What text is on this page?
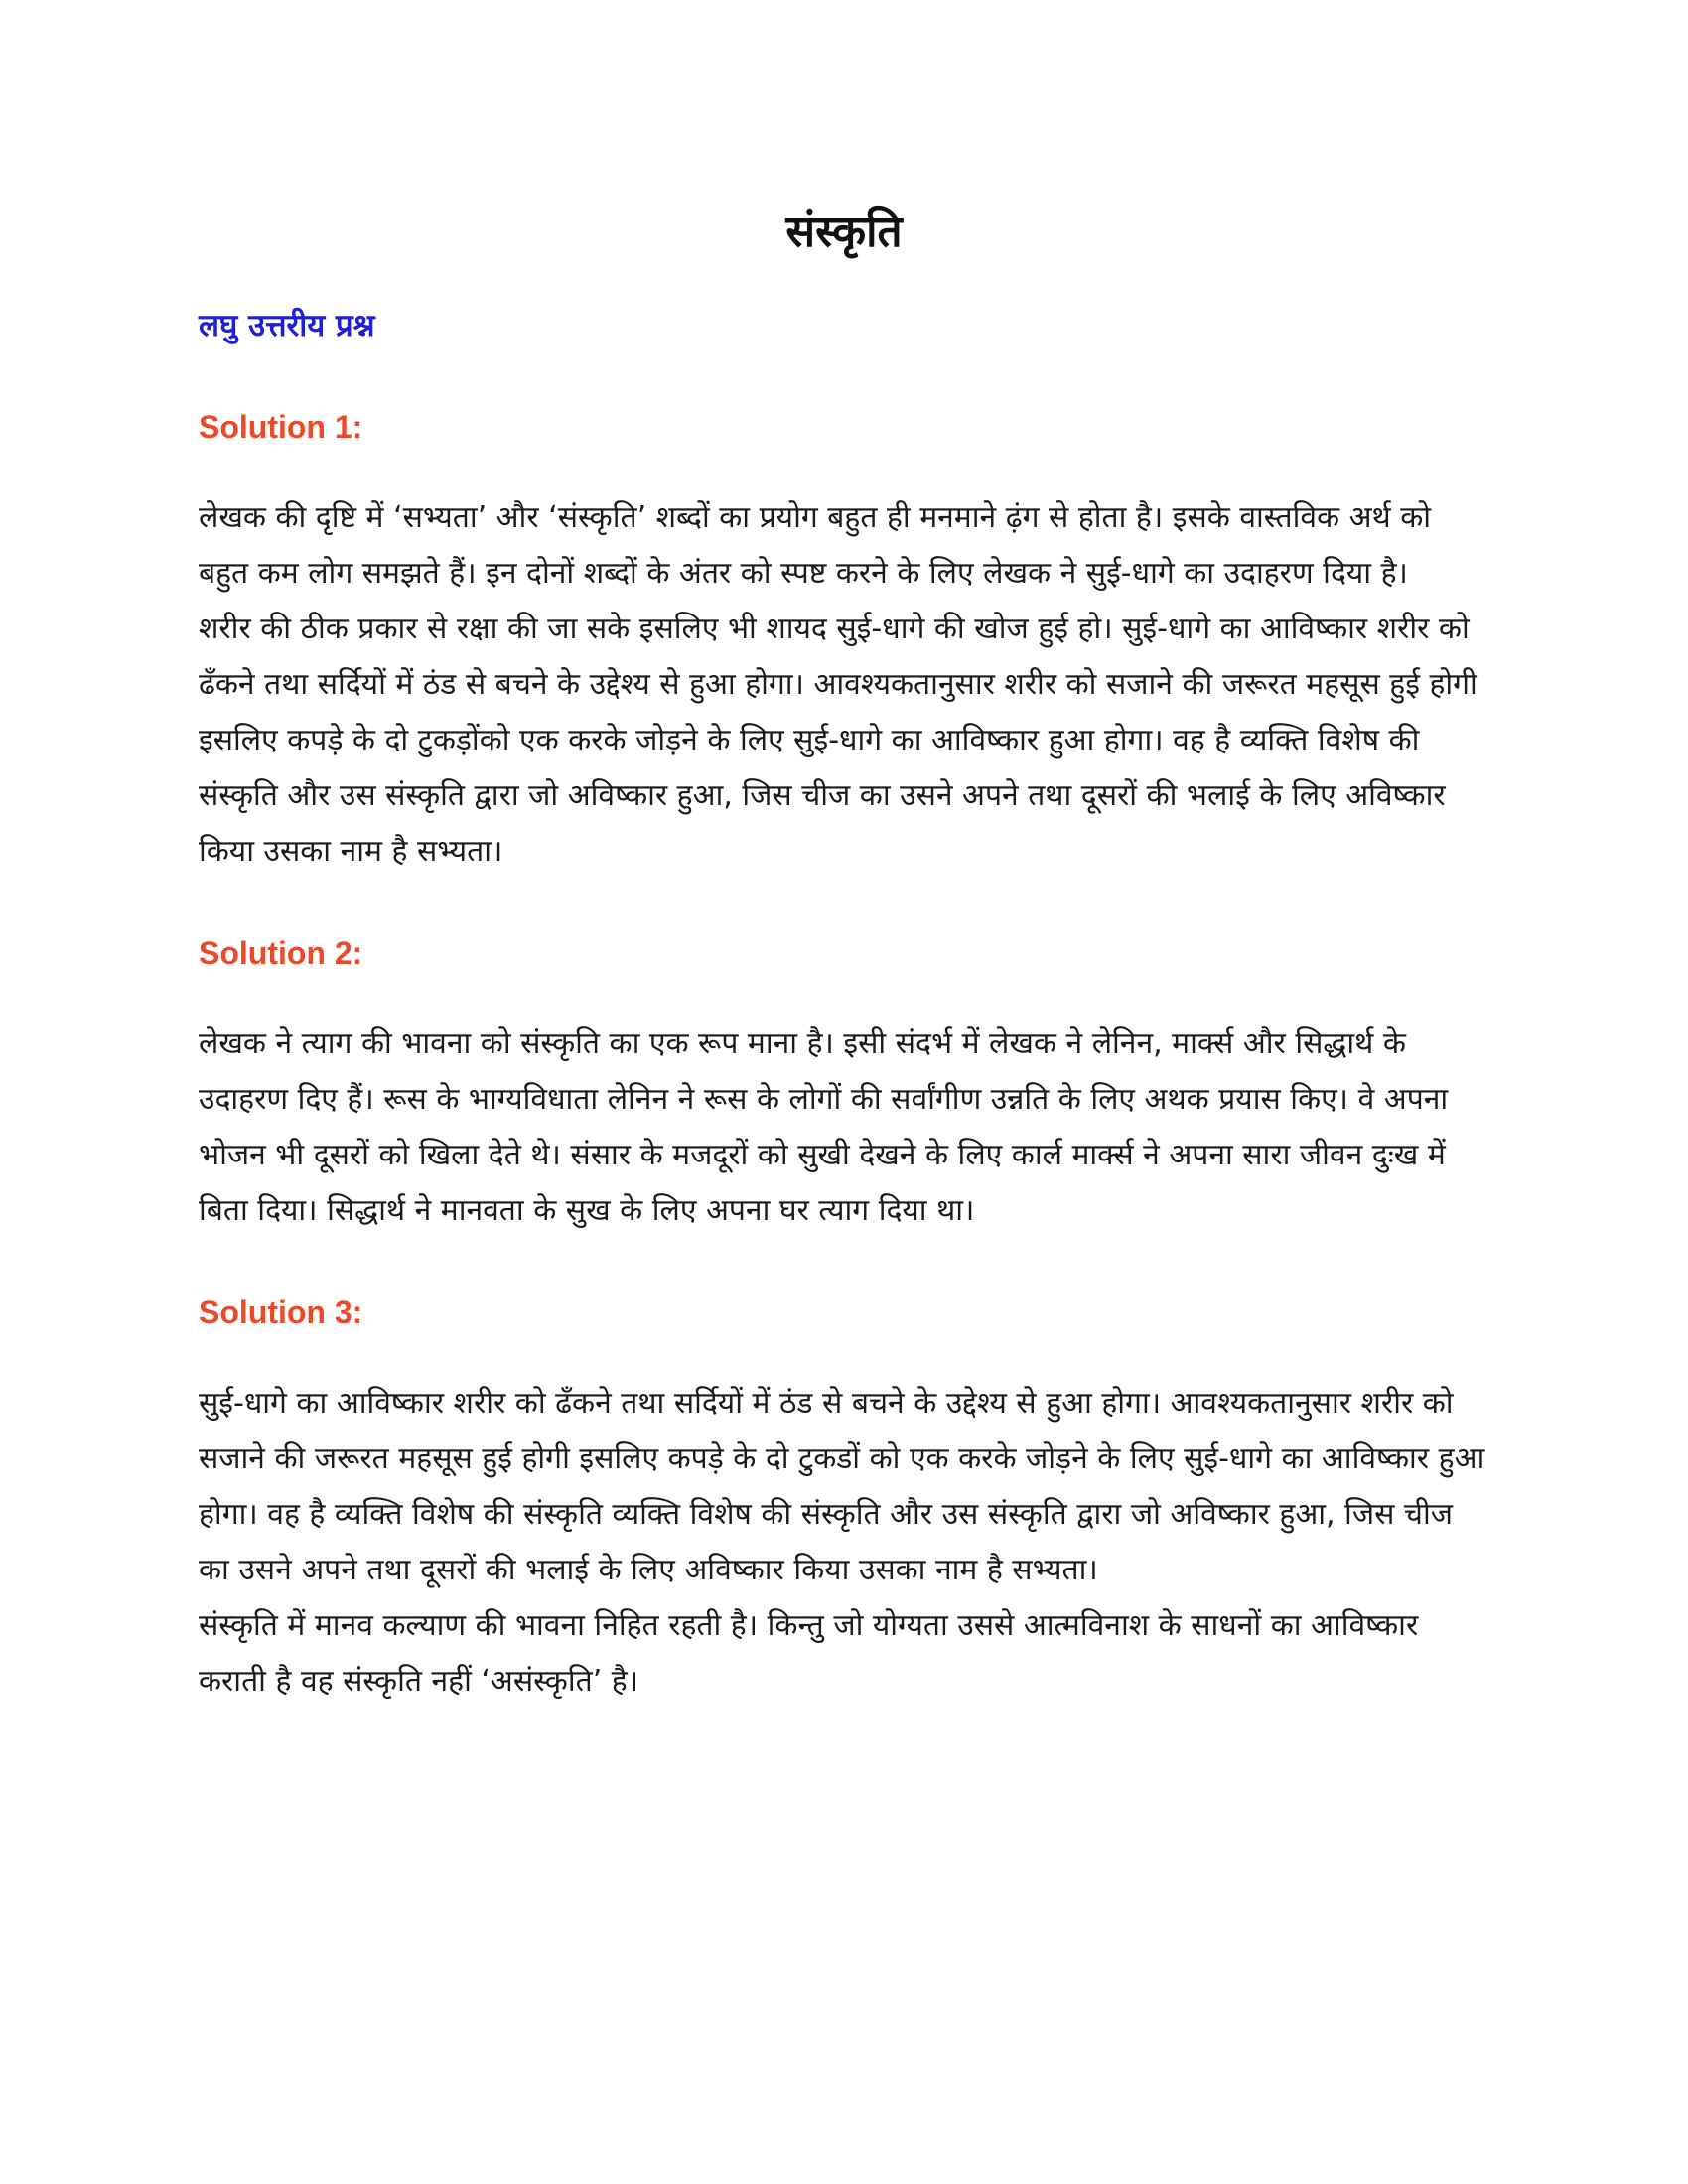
संस्कृति
लघु उत्तरीय प्रश्न
Solution 1:

लेखक की दृष्टि में ‘सभ्यता’ और ‘संस्कृति’ शब्दों का प्रयोग बहुत ही मनमाने ढ़ंग से होता है। इसके वास्तविक अर्थ को बहुत कम लोग समझते हैं। इन दोनों शब्दों के अंतर को स्पष्ट करने के लिए लेखक ने सुई-धागे का उदाहरण दिया है।

शरीर की ठीक प्रकार से रक्षा की जा सके इसलिए भी शायद सुई-धागे की खोज हुई हो। सुई-धागे का आविष्कार शरीर को ढँकने तथा सर्दियों में ठंड से बचने के उद्देश्य से हुआ होगा। आवश्यकतानुसार शरीर को सजाने की जरूरत महसूस हुई होगी इसलिए कपड़े के दो टुकड़ोंको एक करके जोड़ने के लिए सुई-धागे का आविष्कार हुआ होगा। वह है व्यक्ति विशेष की संस्कृति और उस संस्कृति द्वारा जो अविष्कार हुआ, जिस चीज का उसने अपने तथा दूसरों की भलाई के लिए अविष्कार किया उसका नाम है सभ्यता।

Solution 2:

लेखक ने त्याग की भावना को संस्कृति का एक रूप माना है। इसी संदर्भ में लेखक ने लेनिन, मार्क्स और सिद्धार्थ के उदाहरण दिए हैं। रूस के भाग्यविधाता लेनिन ने रूस के लोगों की सर्वांगीण उन्नति के लिए अथक प्रयास किए। वे अपना भोजन भी दूसरों को खिला देते थे। संसार के मजदूरों को सुखी देखने के लिए कार्ल मार्क्स ने अपना सारा जीवन दुःख में बिता दिया। सिद्धार्थ ने मानवता के सुख के लिए अपना घर त्याग दिया था।

Solution 3:

सुई-धागे का आविष्कार शरीर को ढँकने तथा सर्दियों में ठंड से बचने के उद्देश्य से हुआ होगा। आवश्यकतानुसार शरीर को सजाने की जरूरत महसूस हुई होगी इसलिए कपड़े के दो टुकडों को एक करके जोड़ने के लिए सुई-धागे का आविष्कार हुआ होगा। वह है व्यक्ति विशेष की संस्कृति व्यक्ति विशेष की संस्कृति और उस संस्कृति द्वारा जो अविष्कार हुआ, जिस चीज का उसने अपने तथा दूसरों की भलाई के लिए अविष्कार किया उसका नाम है सभ्यता।

संस्कृति में मानव कल्याण की भावना निहित रहती है। किन्तु जो योग्यता उससे आत्मविनाश के साधनों का आविष्कार कराती है वह संस्कृति नहीं ‘असंस्कृति’ है।
